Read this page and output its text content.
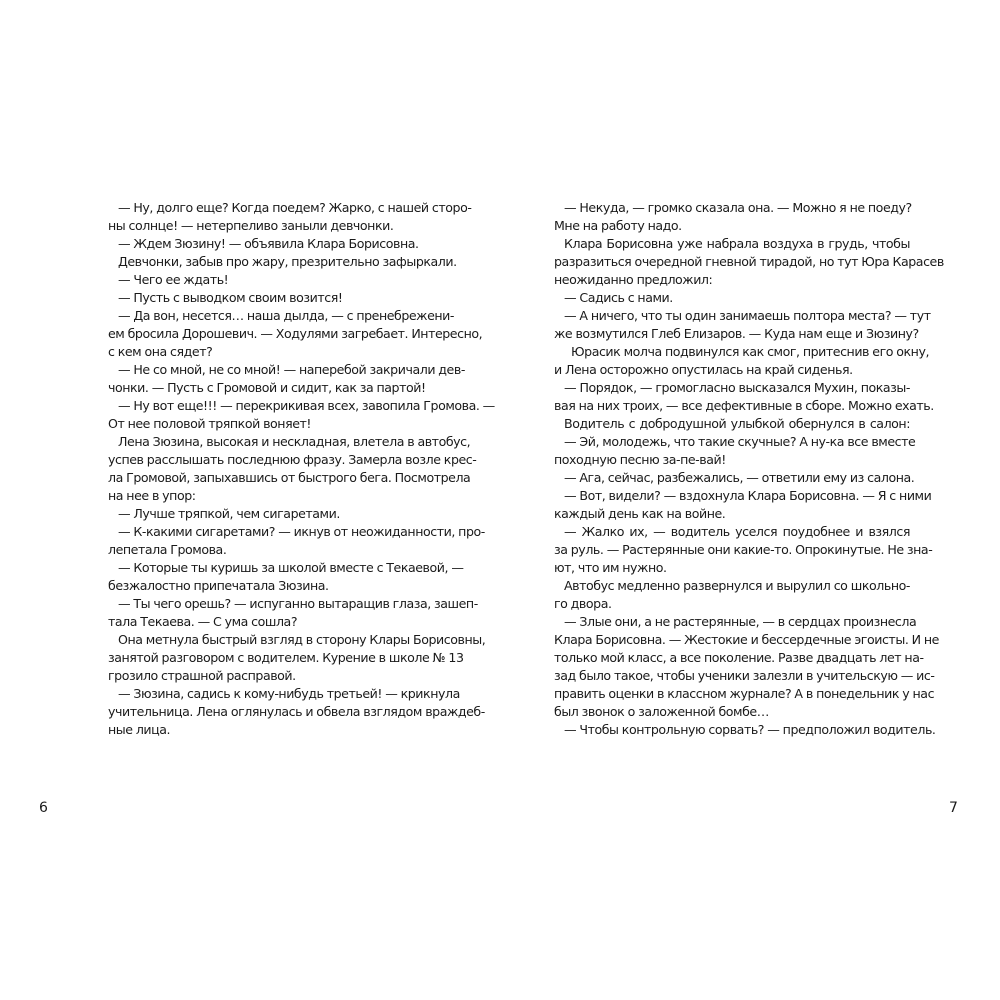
— Ну, долго еще? Когда поедем? Жарко, с нашей сторо-
ны солнце! — нетерпеливо заныли девчонки.
— Ждем Зюзину! — объявила Клара Борисовна.
Девчонки, забыв про жару, презрительно зафыркали.
— Чего ее ждать!
— Пусть с выводком своим возится!
— Да вон, несется… наша дылда, — с пренебрежени-
ем бросила Дорошевич. — Ходулями загребает. Интересно,
с кем она сядет?
— Не со мной, не со мной! — наперебой закричали дев-
чонки. — Пусть с Громовой и сидит, как за партой!
— Ну вот еще!!! — перекрикивая всех, завопила Громова. —
От нее половой тряпкой воняет!
Лена Зюзина, высокая и нескладная, влетела в автобус,
успев расслышать последнюю фразу. Замерла возле крес-
ла Громовой, запыхавшись от быстрого бега. Посмотрела
на нее в упор:
— Лучше тряпкой, чем сигаретами.
— К-какими сигаретами? — икнув от неожиданности, про-
лепетала Громова.
— Которые ты куришь за школой вместе с Текаевой, —
безжалостно припечатала Зюзина.
— Ты чего орешь? — испуганно вытаращив глаза, зашеп-
тала Текаева. — С ума сошла?
Она метнула быстрый взгляд в сторону Клары Борисовны,
занятой разговором с водителем. Курение в школе № 13
грозило страшной расправой.
— Зюзина, садись к кому-нибудь третьей! — крикнула
учительница. Лена оглянулась и обвела взглядом враждеб-
ные лица.
— Некуда, — громко сказала она. — Можно я не поеду?
Мне на работу надо.
Клара Борисовна уже набрала воздуха в грудь, чтобы
разразиться очередной гневной тирадой, но тут Юра Карасев
неожиданно предложил:
— Садись с нами.
— А ничего, что ты один занимаешь полтора места? — тут
же возмутился Глеб Елизаров. — Куда нам еще и Зюзину?
Юрасик молча подвинулся как смог, притеснив его окну,
и Лена осторожно опустилась на край сиденья.
— Порядок, — громогласно высказался Мухин, показы-
вая на них троих, — все дефективные в сборе. Можно ехать.
Водитель с добродушной улыбкой обернулся в салон:
— Эй, молодежь, что такие скучные? А ну-ка все вместе
походную песню за-пе-вай!
— Ага, сейчас, разбежались, — ответили ему из салона.
— Вот, видели? — вздохнула Клара Борисовна. — Я с ними
каждый день как на войне.
— Жалко их, — водитель уселся поудобнее и взялся
за руль. — Растерянные они какие-то. Опрокинутые. Не зна-
ют, что им нужно.
Автобус медленно развернулся и вырулил со школьно-
го двора.
— Злые они, а не растерянные, — в сердцах произнесла
Клара Борисовна. — Жестокие и бессердечные эгоисты. И не
только мой класс, а все поколение. Разве двадцать лет на-
зад было такое, чтобы ученики залезли в учительскую — ис-
править оценки в классном журнале? А в понедельник у нас
был звонок о заложенной бомбе…
— Чтобы контрольную сорвать? — предположил водитель.
6	7
